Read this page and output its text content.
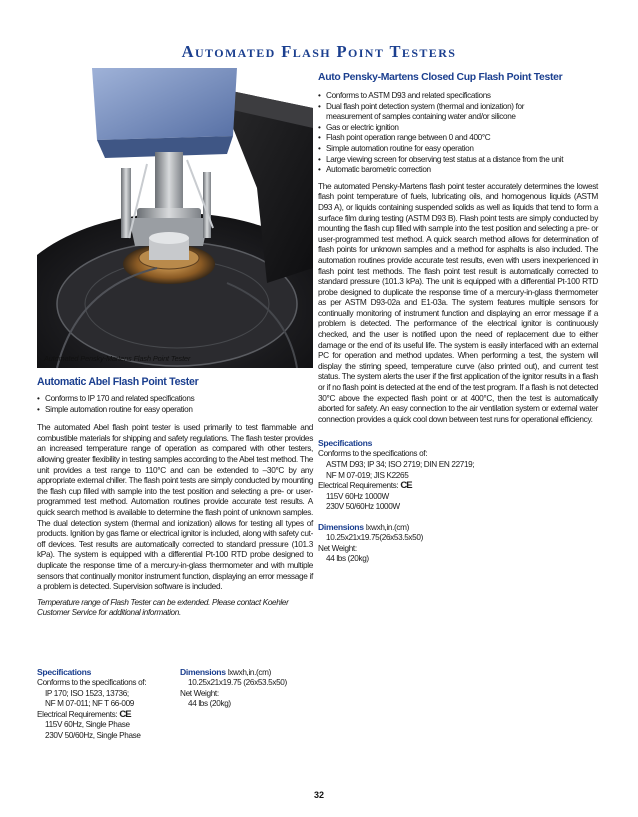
Automated Flash Point Testers
Automated Pensky-Martens Flash Point Tester
Automatic Abel Flash Point Tester
• Conforms to IP 170 and related specifications
• Simple automation routine for easy operation

The automated Abel flash point tester is used primarily to test flammable and combustible materials for shipping and safety regulations. The flash tester provides an increased temperature range of operation as compared with other testers, allowing greater flexibility in testing samples according to the Abel test method. The unit provides a test range to 110°C and can be extended to –30°C by any appropriate external chiller. The flash point tests are simply conducted by mounting the flash cup filled with sample into the test position and selecting a pre- or user-programmed test method. Automation routines provide accurate test results. A quick search method is available to determine the flash point of unknown samples. The dual detection system (thermal and ionization) allows for testing all types of products. Ignition by gas flame or electrical ignitor is included, along with safety cut-off devices. Test results are automatically corrected to standard pressure (101.3 kPa). The system is equipped with a differential Pt-100 RTD probe designed to duplicate the response time of a mercury-in-glass thermometer and with multiple sensors that continually monitor instrument function, displaying an error message if a problem is detected. Supervision software is included.

Temperature range of Flash Tester can be extended. Please contact Koehler Customer Service for additional information.

Specifications
Conforms to the specifications of:
IP 170; ISO 1523, 13736;
NF M 07-011; NF T 66-009
Electrical Requirements: CE
115V 60Hz, Single Phase
230V 50/60Hz, Single Phase
Dimensions lxwxh,in.(cm)
10.25x21x19.75 (26x53.5x50)
Net Weight:
44 lbs (20kg)
Auto Pensky-Martens Closed Cup Flash Point Tester
• Conforms to ASTM D93 and related specifications
• Dual flash point detection system (thermal and ionization) for
measurement of samples containing water and/or silicone
• Gas or electric ignition
• Flash point operation range between 0 and 400°C
• Simple automation routine for easy operation
• Large viewing screen for observing test status at a distance from the unit
• Automatic barometric correction

The automated Pensky-Martens flash point tester accurately determines the lowest flash point temperature of fuels, lubricating oils, and homogenous liquids (ASTM D93 A), or liquids containing suspended solids as well as liquids that tend to form a surface film during testing (ASTM D93 B). Flash point tests are simply conducted by mounting the flash cup filled with sample into the test position and selecting a pre- or user-programmed test method. A quick search method allows for determination of flash points for unknown samples and a method for asphalts is also included. The automation routines provide accurate test results, even with users inexperienced in flash point test methods. The flash point test result is automatically corrected to standard pressure (101.3 kPa). The unit is equipped with a differential Pt-100 RTD probe designed to duplicate the response time of a mercury-in-glass thermometer as per ASTM D93-02a and E1-03a. The system features multiple sensors for continually monitoring of instrument function and displaying an error message if a problem is detected. The performance of the electrical ignitor is continuously checked, and the user is notified upon the need of replacement due to either damage or the end of its useful life. The system is easily interfaced with an external PC for operation and method updates. When performing a test, the system will display the stirring speed, temperature curve (also printed out), and current test status. The system alerts the user if the first application of the ignitor results in a flash or if no flash point is detected at the end of the test program. If a flash is not detected 30°C above the expected flash point or at 400°C, then the test is automatically aborted for safety. An easy connection to the air ventilation system or external water connection provides a quick cool down between test runs for operational efficiency.

Specifications
Conforms to the specifications of:
ASTM D93; IP 34; ISO 2719; DIN EN 22719;
NF M 07-019; JIS K2265
Electrical Requirements: CE
115V 60Hz 1000W
230V 50/60Hz 1000W
Dimensions lxwxh,in.(cm)
10.25x21x19.75(26x53.5x50)
Net Weight:
44 lbs (20kg)
32
